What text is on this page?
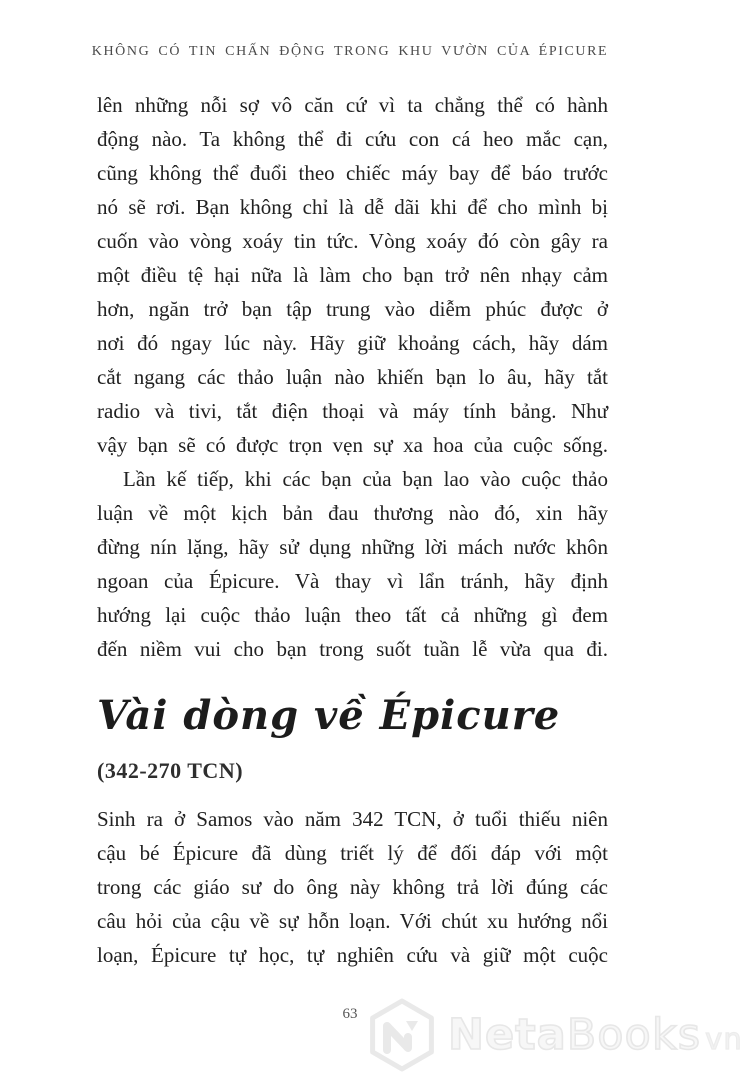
KHÔNG CÓ TIN CHẤN ĐỘNG TRONG KHU VƯỜN CỦA ÉPICURE
lên những nỗi sợ vô căn cứ vì ta chẳng thể có hành
động nào. Ta không thể đi cứu con cá heo mắc cạn,
cũng không thể đuổi theo chiếc máy bay để báo trước
nó sẽ rơi. Bạn không chỉ là dễ dãi khi để cho mình bị
cuốn vào vòng xoáy tin tức. Vòng xoáy đó còn gây ra
một điều tệ hại nữa là làm cho bạn trở nên nhạy cảm
hơn, ngăn trở bạn tập trung vào diễm phúc được ở
nơi đó ngay lúc này. Hãy giữ khoảng cách, hãy dám
cắt ngang các thảo luận nào khiến bạn lo âu, hãy tắt
radio và tivi, tắt điện thoại và máy tính bảng. Như
vậy bạn sẽ có được trọn vẹn sự xa hoa của cuộc sống.
Lần kế tiếp, khi các bạn của bạn lao vào cuộc thảo
luận về một kịch bản đau thương nào đó, xin hãy
đừng nín lặng, hãy sử dụng những lời mách nước khôn
ngoan của Épicure. Và thay vì lẩn tránh, hãy định
hướng lại cuộc thảo luận theo tất cả những gì đem
đến niềm vui cho bạn trong suốt tuần lễ vừa qua đi.
Vài dòng về Épicure
(342-270 TCN)
Sinh ra ở Samos vào năm 342 TCN, ở tuổi thiếu niên
cậu bé Épicure đã dùng triết lý để đối đáp với một
trong các giáo sư do ông này không trả lời đúng các
câu hỏi của cậu về sự hỗn loạn. Với chút xu hướng nổi
loạn, Épicure tự học, tự nghiên cứu và giữ một cuộc
63	NetaBooks vn
